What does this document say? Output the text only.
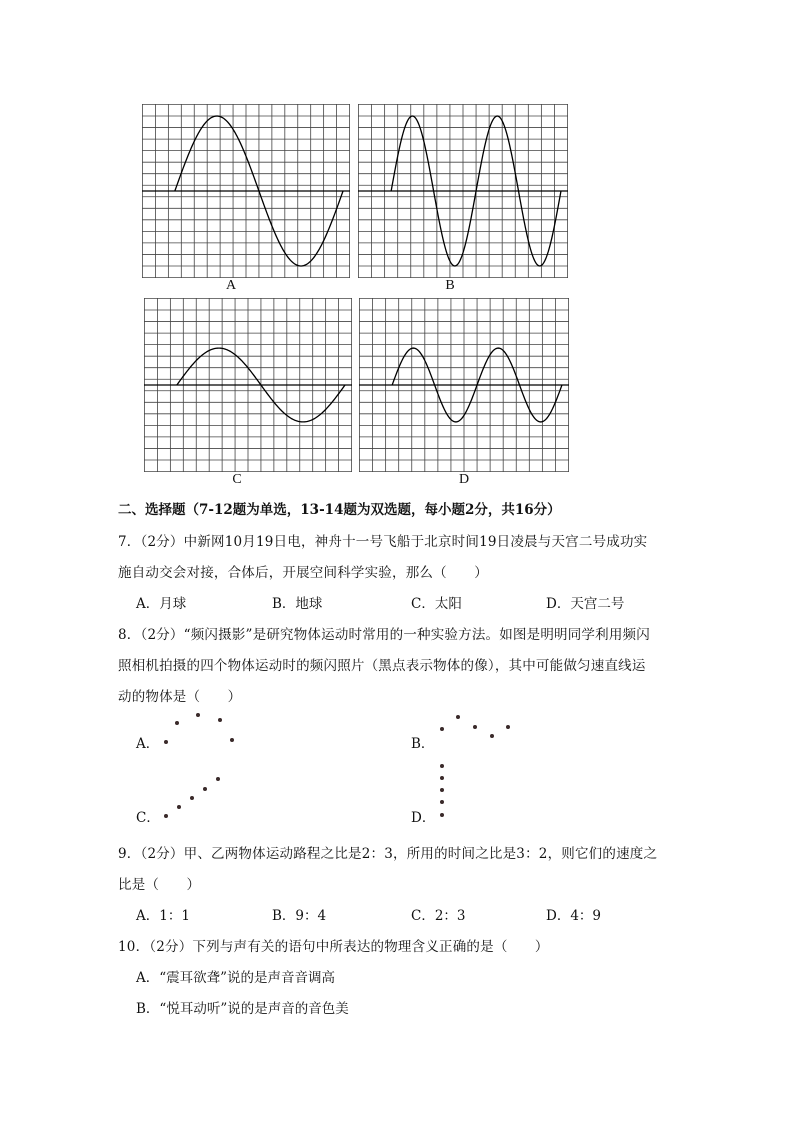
A	B
C	D
二、选择题（7-12题为单选，13-14题为双选题，每小题2分，共16分）
7．（2分）中新网10月19日电，神舟十一号飞船于北京时间19日凌晨与天宫二号成功实
施自动交会对接，合体后，开展空间科学实验，那么（　　）
A．月球	B．地球	C．太阳	D．天宫二号
8．（2分）“频闪摄影”是研究物体运动时常用的一种实验方法。如图是明明同学利用频闪
照相机拍摄的四个物体运动时的频闪照片（黑点表示物体的像），其中可能做匀速直线运
动的物体是（　　）
A．	B．
C．	D．
9．（2分）甲、乙两物体运动路程之比是2：3，所用的时间之比是3：2，则它们的速度之
比是（　　）
A．1：1	B．9：4	C．2：3	D．4：9
10．（2分）下列与声有关的语句中所表达的物理含义正确的是（　　）
A．“震耳欲聋”说的是声音音调高
B．“悦耳动听”说的是声音的音色美
